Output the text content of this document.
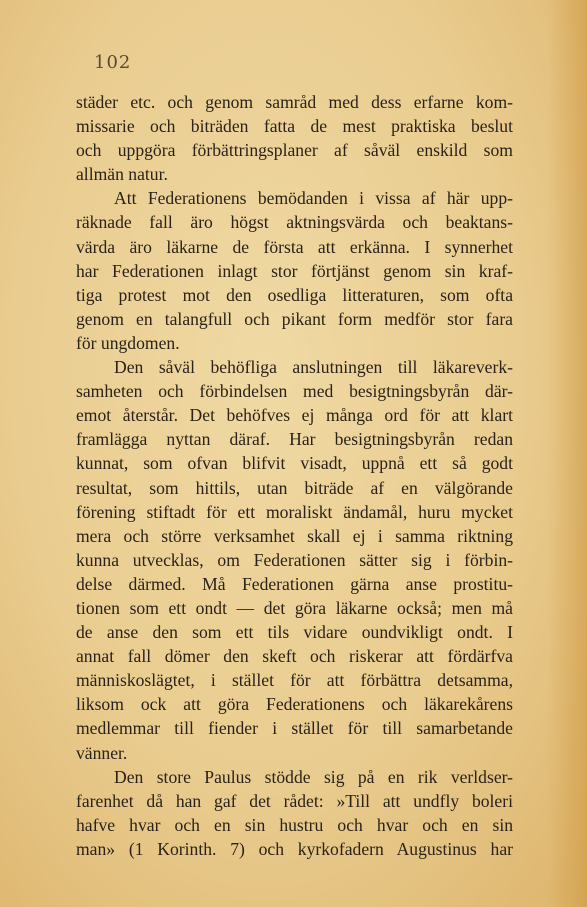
102
städer etc. och genom samråd med dess erfarne kom-
missarie och biträden fatta de mest praktiska beslut
och uppgöra förbättringsplaner af såväl enskild som
allmän natur.
Att Federationens bemödanden i vissa af här upp-
räknade fall äro högst aktningsvärda och beaktans-
värda äro läkarne de första att erkänna. I synnerhet
har Federationen inlagt stor förtjänst genom sin kraf-
tiga protest mot den osedliga litteraturen, som ofta
genom en talangfull och pikant form medför stor fara
för ungdomen.
Den såväl behöfliga anslutningen till läkareverk-
samheten och förbindelsen med besigtningsbyrån där-
emot återstår. Det behöfves ej många ord för att klart
framlägga nyttan däraf. Har besigtningsbyrån redan
kunnat, som ofvan blifvit visadt, uppnå ett så godt
resultat, som hittils, utan biträde af en välgörande
förening stiftadt för ett moraliskt ändamål, huru mycket
mera och större verksamhet skall ej i samma riktning
kunna utvecklas, om Federationen sätter sig i förbin-
delse därmed. Må Federationen gärna anse prostitu-
tionen som ett ondt — det göra läkarne också; men må
de anse den som ett tils vidare oundvikligt ondt. I
annat fall dömer den skeft och riskerar att fördärfva
människoslägtet, i stället för att förbättra detsamma,
liksom ock att göra Federationens och läkarekårens
medlemmar till fiender i stället för till samarbetande
vänner.
Den store Paulus stödde sig på en rik verldser-
farenhet då han gaf det rådet: »Till att undfly boleri
hafve hvar och en sin hustru och hvar och en sin
man» (1 Korinth. 7) och kyrkofadern Augustinus har
